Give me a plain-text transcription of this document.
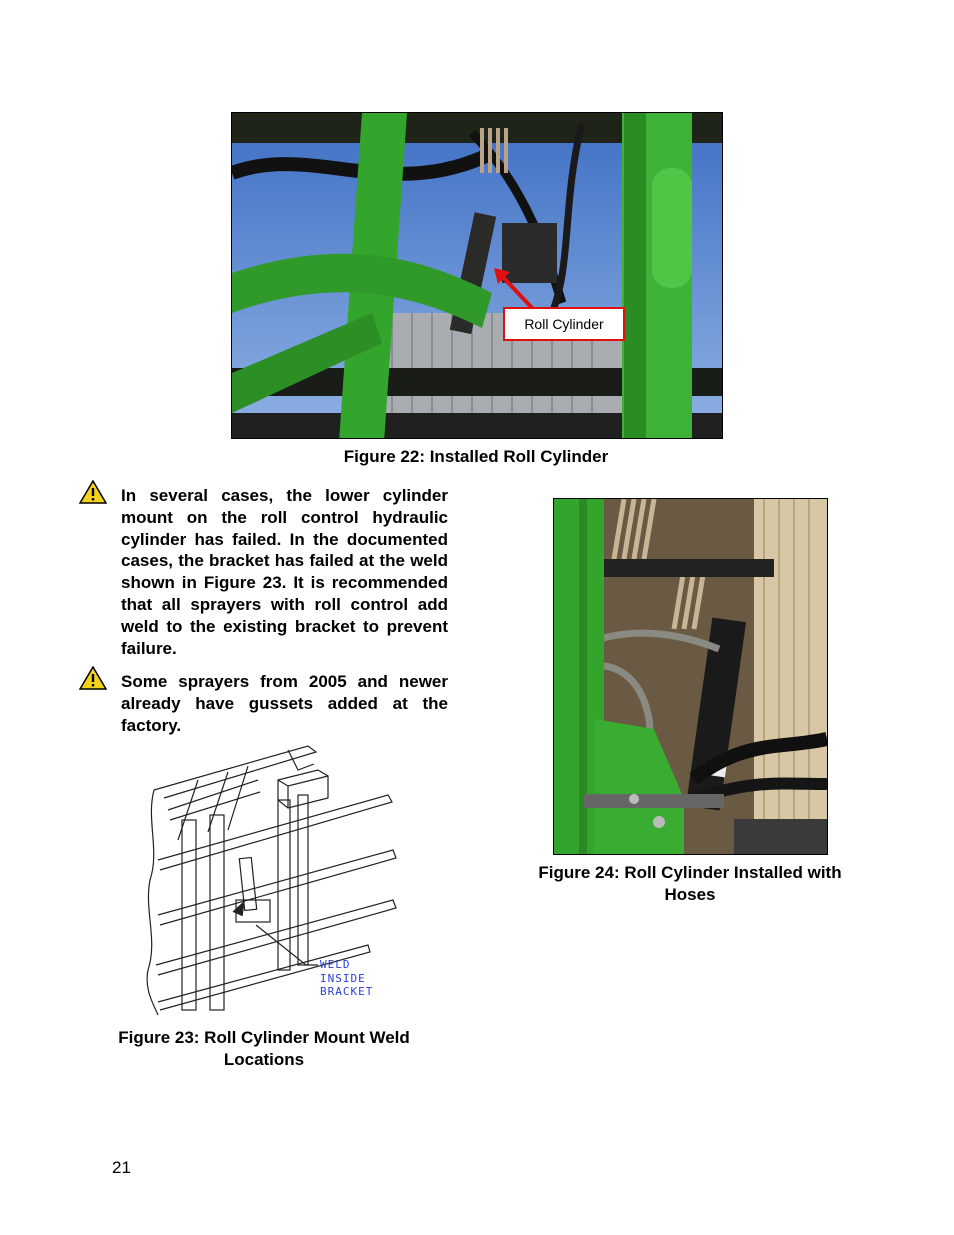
Roll Cylinder
Figure 22: Installed Roll Cylinder
In several cases, the lower cylinder mount on the roll control hydraulic cylinder has failed. In the documented cases, the bracket has failed at the weld shown in Figure 23. It is recommended that all sprayers with roll control add weld to the existing bracket to prevent failure.
Some sprayers from 2005 and newer already have gussets added at the factory.
WELD
INSIDE
BRACKET
Figure 23: Roll Cylinder Mount Weld
Locations
Figure 24: Roll Cylinder Installed with
Hoses
21
